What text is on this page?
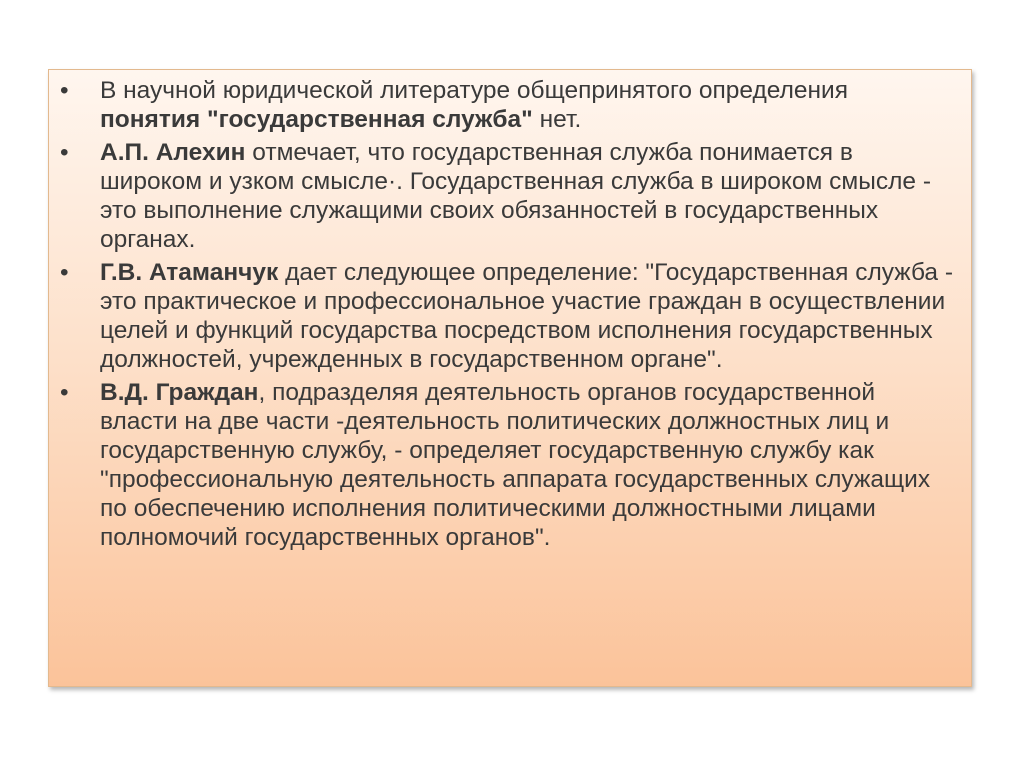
• В научной юридической литературе общепринятого определения понятия "государственная служба" нет.
• А.П. Алехин отмечает, что государственная служба понимается в широком и узком смысле·. Государственная служба в широком смысле - это выполнение служащими своих обязанностей в государственных органах.
• Г.В. Атаманчук дает следующее определение: "Государственная служба - это практическое и профессиональное участие граждан в осуществлении целей и функций государства посредством исполнения государственных должностей, учрежденных в государственном органе".
• В.Д. Граждан, подразделяя деятельность органов государственной власти на две части -деятельность политических должностных лиц и государственную службу, - определяет государственную службу как "профессиональную деятельность аппарата государственных служащих по обеспечению исполнения политическими должностными лицами полномочий государственных органов".
